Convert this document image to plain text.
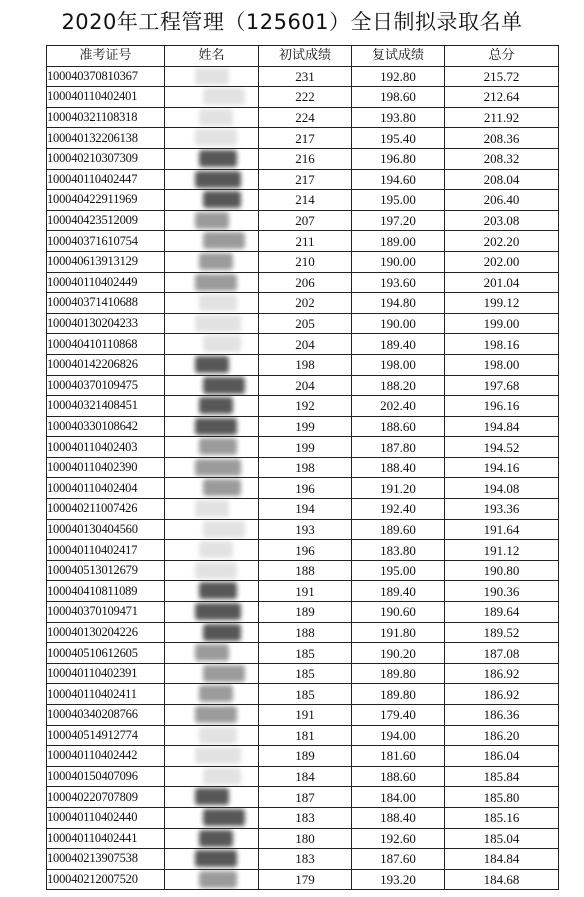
2020年工程管理（125601）全日制拟录取名单
准考证号	姓名	初试成绩	复试成绩	总分
100040370810367		231	192.80	215.72
100040110402401		222	198.60	212.64
100040321108318		224	193.80	211.92
100040132206138		217	195.40	208.36
100040210307309		216	196.80	208.32
100040110402447		217	194.60	208.04
100040422911969		214	195.00	206.40
100040423512009		207	197.20	203.08
100040371610754		211	189.00	202.20
100040613913129		210	190.00	202.00
100040110402449		206	193.60	201.04
100040371410688		202	194.80	199.12
100040130204233		205	190.00	199.00
100040410110868		204	189.40	198.16
100040142206826		198	198.00	198.00
100040370109475		204	188.20	197.68
100040321408451		192	202.40	196.16
100040330108642		199	188.60	194.84
100040110402403		199	187.80	194.52
100040110402390		198	188.40	194.16
100040110402404		196	191.20	194.08
100040211007426		194	192.40	193.36
100040130404560		193	189.60	191.64
100040110402417		196	183.80	191.12
100040513012679		188	195.00	190.80
100040410811089		191	189.40	190.36
100040370109471		189	190.60	189.64
100040130204226		188	191.80	189.52
100040510612605		185	190.20	187.08
100040110402391		185	189.80	186.92
100040110402411		185	189.80	186.92
100040340208766		191	179.40	186.36
100040514912774		181	194.00	186.20
100040110402442		189	181.60	186.04
100040150407096		184	188.60	185.84
100040220707809		187	184.00	185.80
100040110402440		183	188.40	185.16
100040110402441		180	192.60	185.04
100040213907538		183	187.60	184.84
100040212007520		179	193.20	184.68
